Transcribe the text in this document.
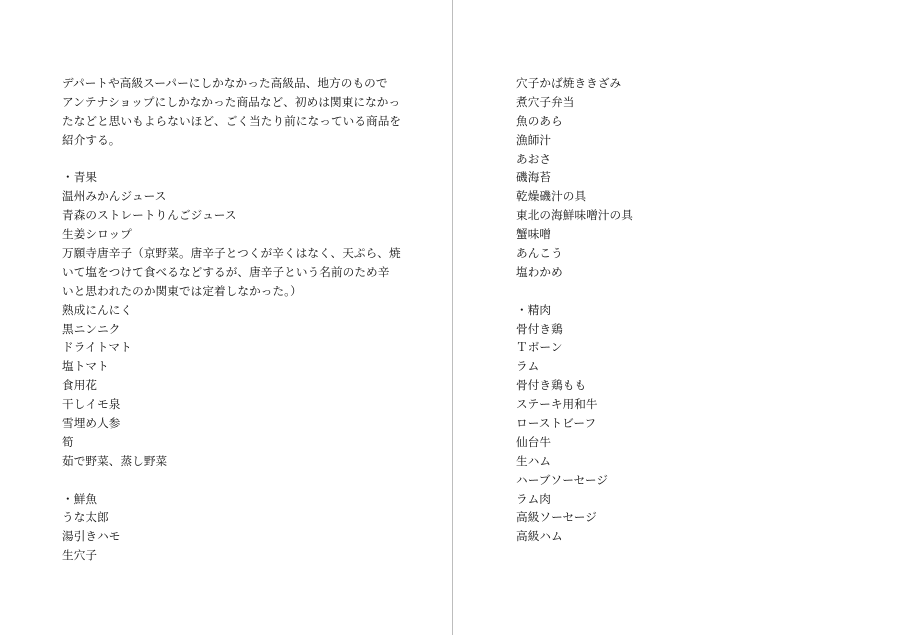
デパートや高級スーパーにしかなかった高級品、地方のもので
アンテナショップにしかなかった商品など、初めは関東になかっ
たなどと思いもよらないほど、ごく当たり前になっている商品を
紹介する。
・青果
温州みかんジュース
青森のストレートりんごジュース
生姜シロップ
万願寺唐辛子（京野菜。唐辛子とつくが辛くはなく、天ぷら、焼
いて塩をつけて食べるなどするが、唐辛子という名前のため辛
いと思われたのか関東では定着しなかった。）
熟成にんにく
黒ニンニク
ドライトマト
塩トマト
食用花
干しイモ泉
雪埋め人参
筍
茹で野菜、蒸し野菜
・鮮魚
うな太郎
湯引きハモ
生穴子
穴子かば焼ききざみ
煮穴子弁当
魚のあら
漁師汁
あおさ
磯海苔
乾燥磯汁の具
東北の海鮮味噌汁の具
蟹味噌
あんこう
塩わかめ
・精肉
骨付き鶏
Ｔボーン
ラム
骨付き鶏もも
ステーキ用和牛
ローストビーフ
仙台牛
生ハム
ハーブソーセージ
ラム肉
高級ソーセージ
高級ハム
